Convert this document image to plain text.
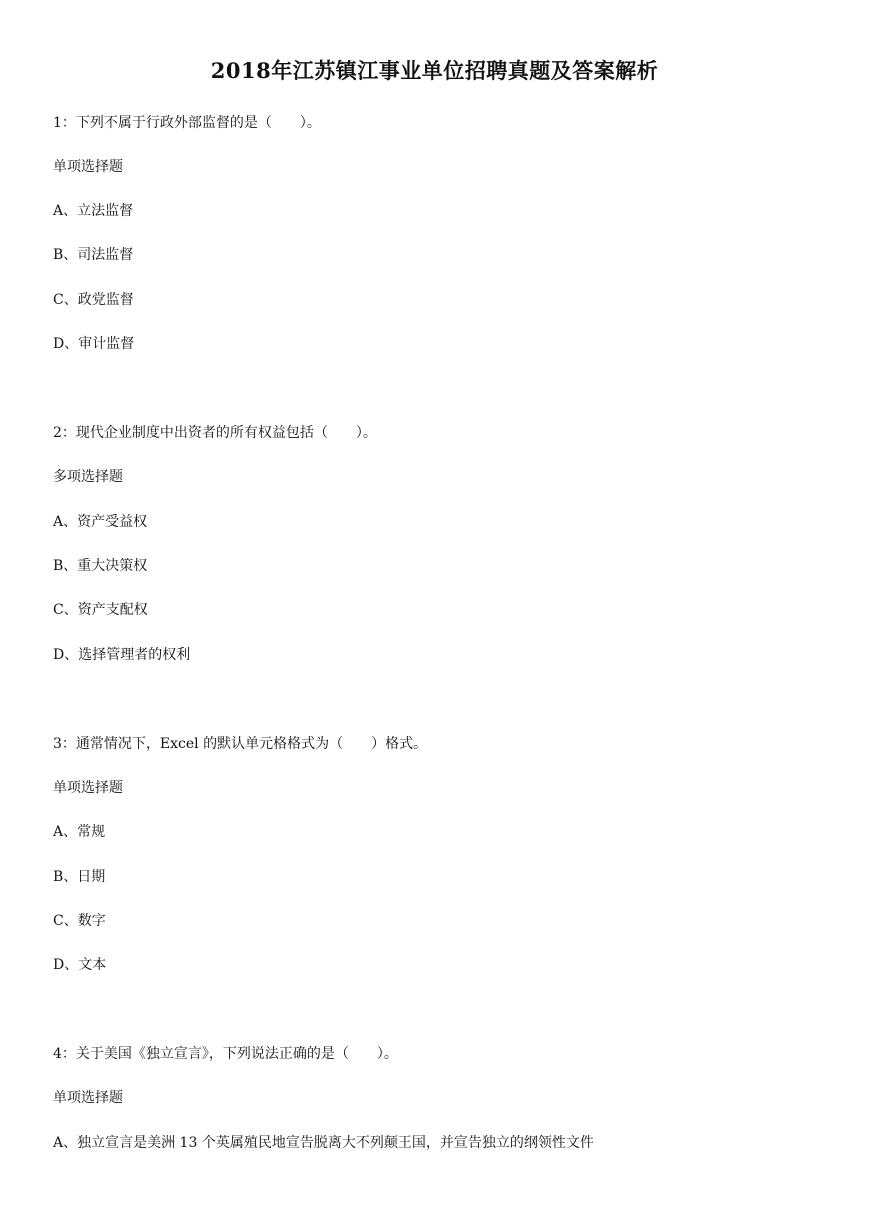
2018年江苏镇江事业单位招聘真题及答案解析

1：下列不属于行政外部监督的是（　　）。

单项选择题

A、立法监督

B、司法监督

C、政党监督

D、审计监督

2：现代企业制度中出资者的所有权益包括（　　）。

多项选择题

A、资产受益权

B、重大决策权

C、资产支配权

D、选择管理者的权利

3：通常情况下，Excel 的默认单元格格式为（　　）格式。

单项选择题

A、常规

B、日期

C、数字

D、文本

4：关于美国《独立宣言》，下列说法正确的是（　　）。

单项选择题

A、独立宣言是美洲 13 个英属殖民地宣告脱离大不列颠王国，并宣告独立的纲领性文件
